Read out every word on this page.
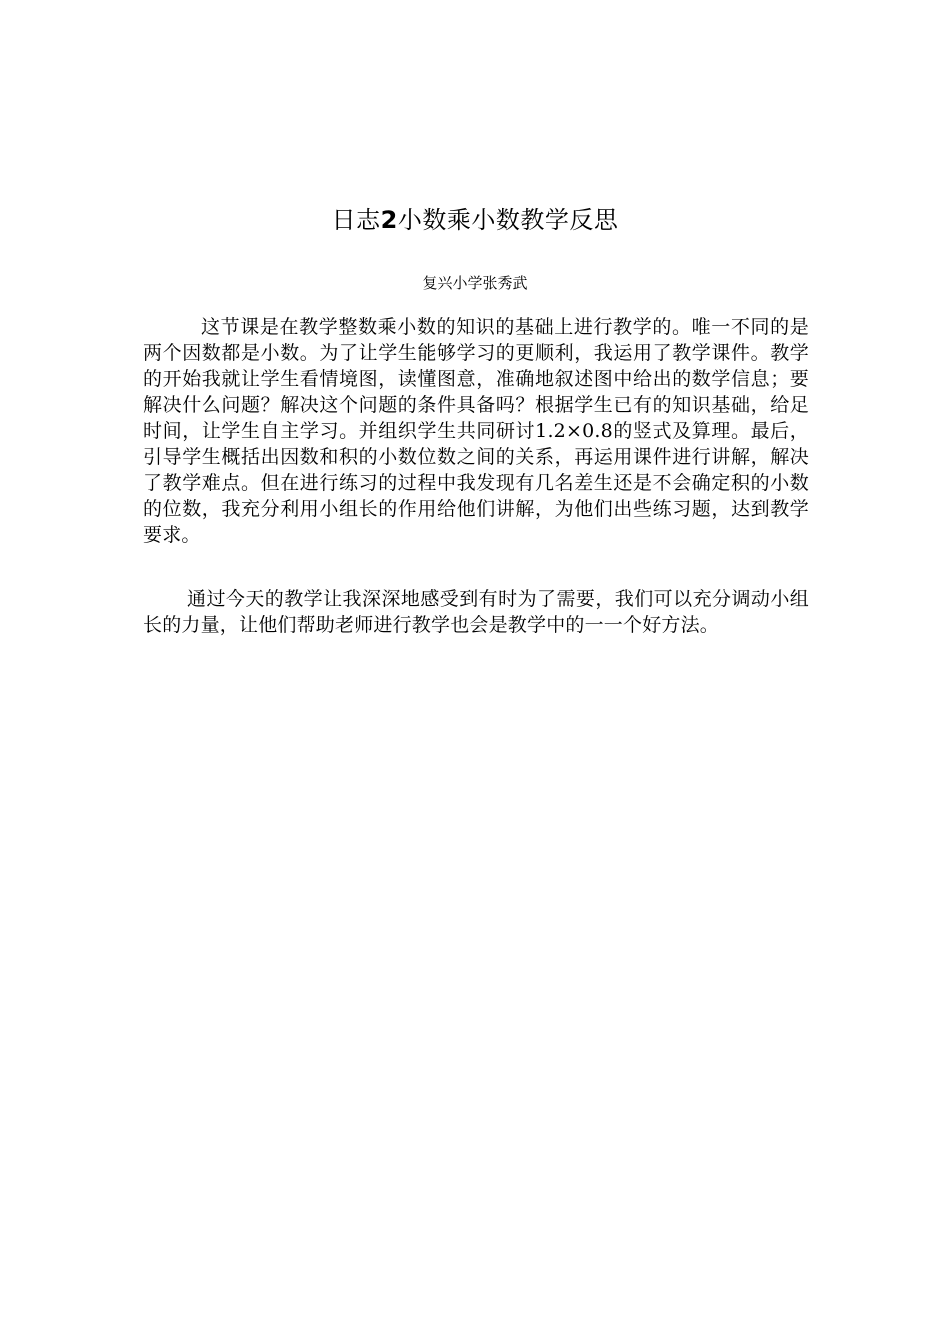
日志2小数乘小数教学反思
复兴小学张秀武

这节课是在教学整数乘小数的知识的基础上进行教学的。唯一不同的是两个因数都是小数。为了让学生能够学习的更顺利，我运用了教学课件。教学的开始我就让学生看情境图，读懂图意，准确地叙述图中给出的数学信息；要解决什么问题？解决这个问题的条件具备吗？根据学生已有的知识基础，给足时间，让学生自主学习。并组织学生共同研讨1.2×0.8的竖式及算理。最后，引导学生概括出因数和积的小数位数之间的关系，再运用课件进行讲解，解决了教学难点。但在进行练习的过程中我发现有几名差生还是不会确定积的小数的位数，我充分利用小组长的作用给他们讲解，为他们出些练习题，达到教学要求。

通过今天的教学让我深深地感受到有时为了需要，我们可以充分调动小组长的力量，让他们帮助老师进行教学也会是教学中的一一个好方法。
